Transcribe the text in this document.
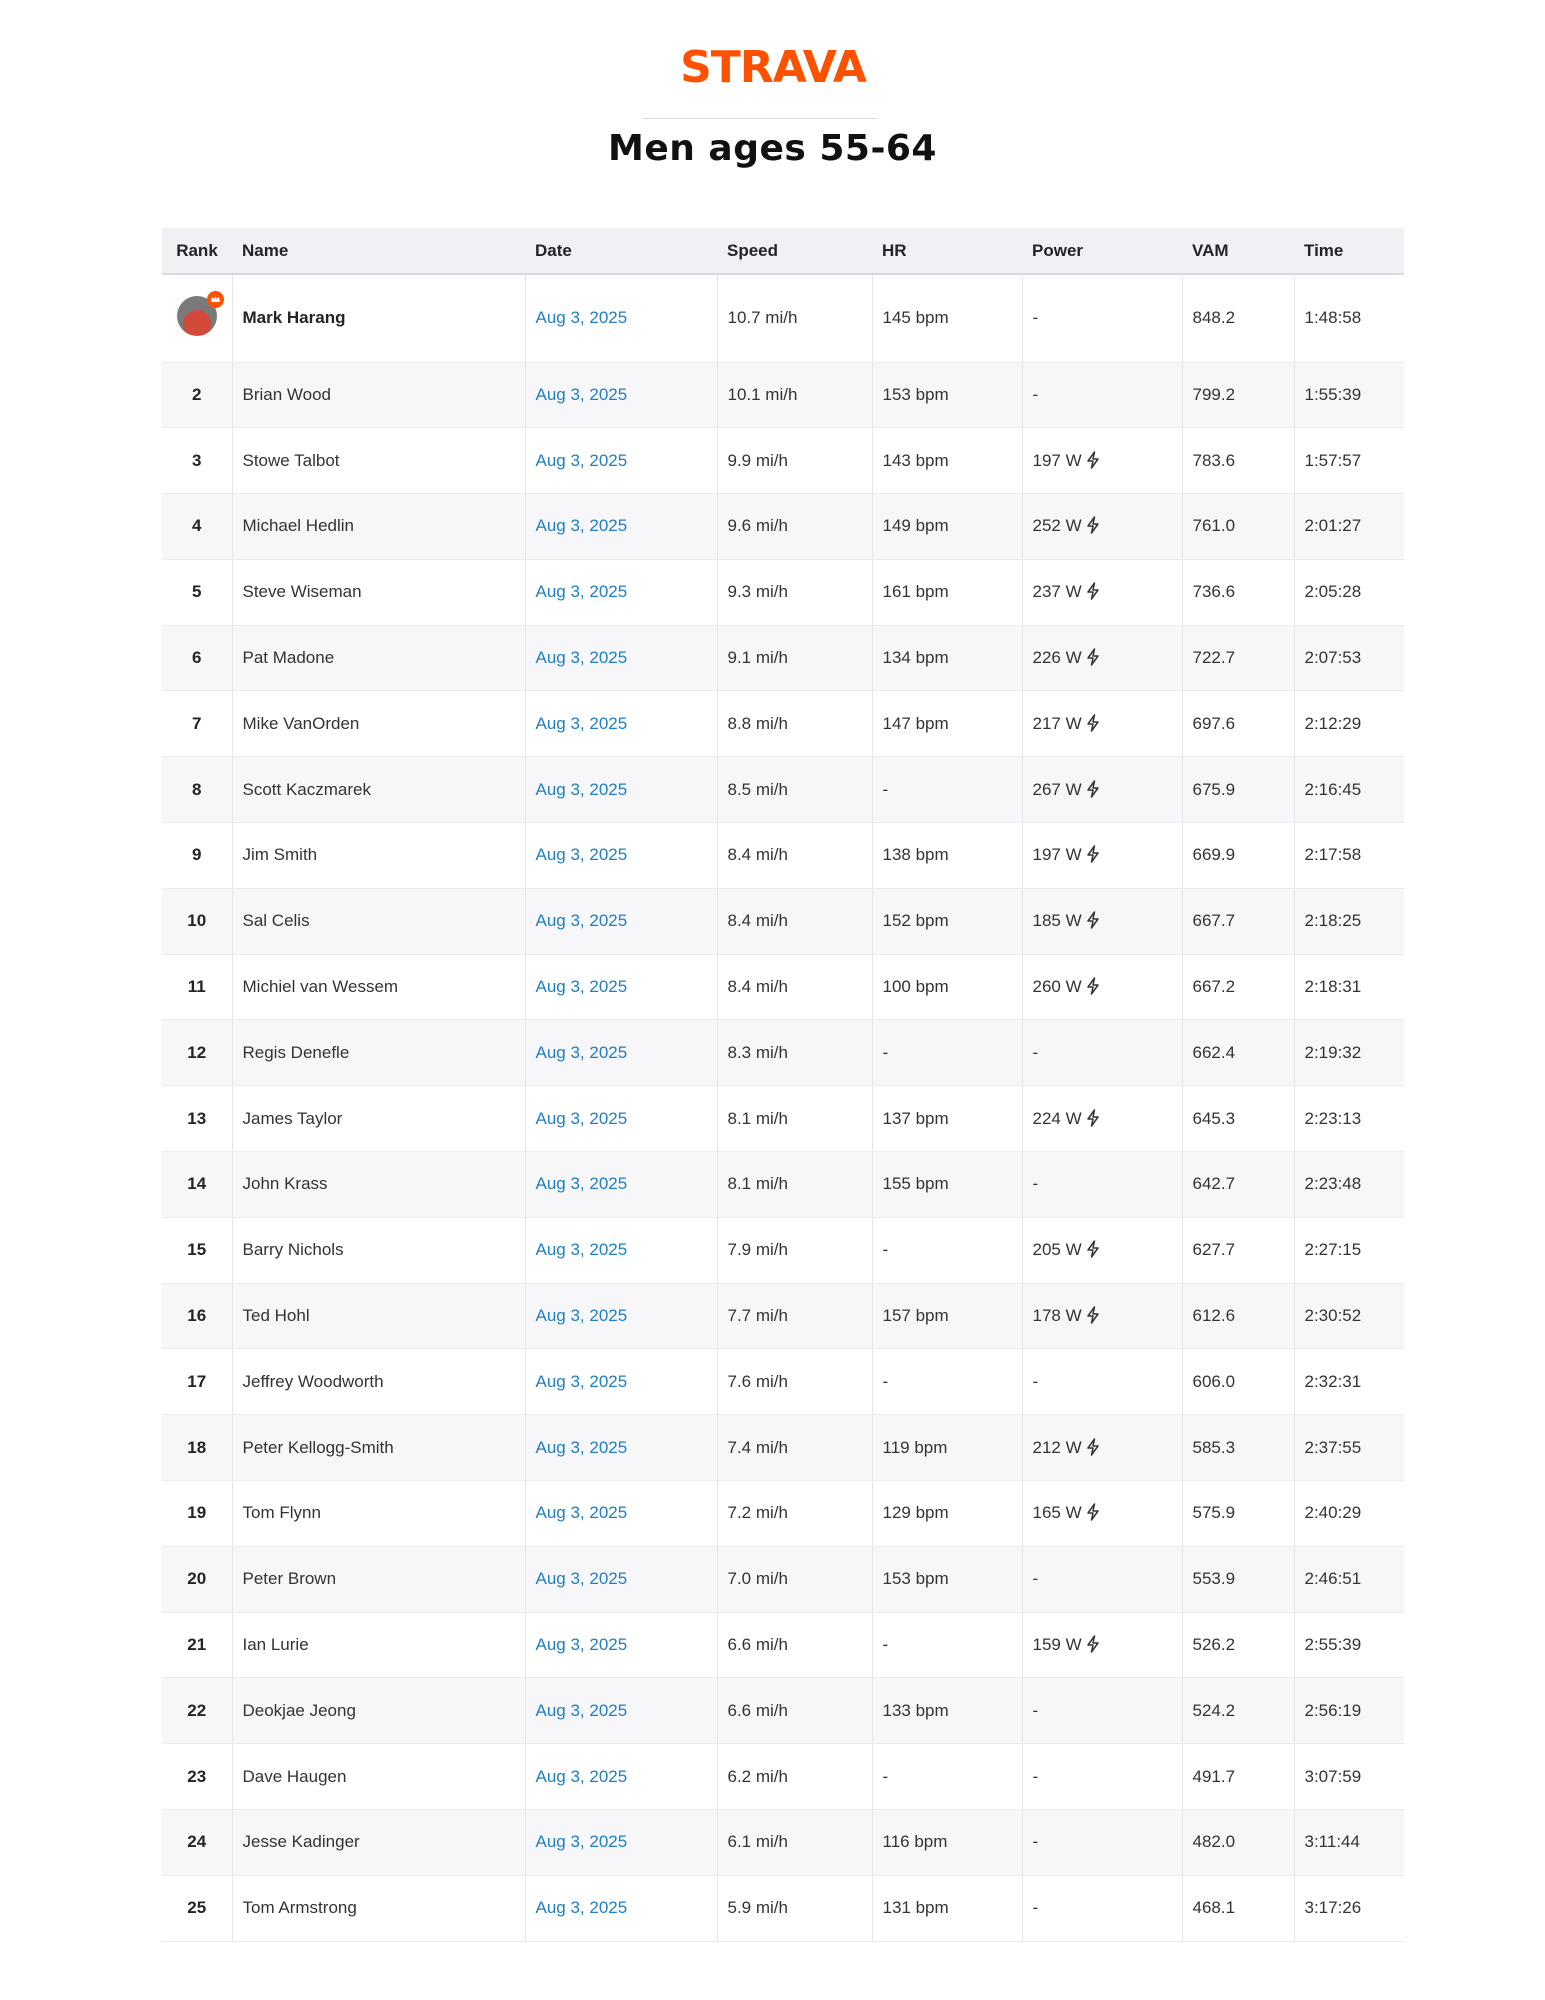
STRAVA
Men ages 55-64
Rank	Name	Date	Speed	HR	Power	VAM	Time

	Mark Harang	Aug 3, 2025	10.7 mi/h	145 bpm	-	848.2	1:48:58
2	Brian Wood	Aug 3, 2025	10.1 mi/h	153 bpm	-	799.2	1:55:39
3	Stowe Talbot	Aug 3, 2025	9.9 mi/h	143 bpm	197 W	783.6	1:57:57
4	Michael Hedlin	Aug 3, 2025	9.6 mi/h	149 bpm	252 W	761.0	2:01:27
5	Steve Wiseman	Aug 3, 2025	9.3 mi/h	161 bpm	237 W	736.6	2:05:28
6	Pat Madone	Aug 3, 2025	9.1 mi/h	134 bpm	226 W	722.7	2:07:53
7	Mike VanOrden	Aug 3, 2025	8.8 mi/h	147 bpm	217 W	697.6	2:12:29
8	Scott Kaczmarek	Aug 3, 2025	8.5 mi/h	-	267 W	675.9	2:16:45
9	Jim Smith	Aug 3, 2025	8.4 mi/h	138 bpm	197 W	669.9	2:17:58
10	Sal Celis	Aug 3, 2025	8.4 mi/h	152 bpm	185 W	667.7	2:18:25
11	Michiel van Wessem	Aug 3, 2025	8.4 mi/h	100 bpm	260 W	667.2	2:18:31
12	Regis Denefle	Aug 3, 2025	8.3 mi/h	-	-	662.4	2:19:32
13	James Taylor	Aug 3, 2025	8.1 mi/h	137 bpm	224 W	645.3	2:23:13
14	John Krass	Aug 3, 2025	8.1 mi/h	155 bpm	-	642.7	2:23:48
15	Barry Nichols	Aug 3, 2025	7.9 mi/h	-	205 W	627.7	2:27:15
16	Ted Hohl	Aug 3, 2025	7.7 mi/h	157 bpm	178 W	612.6	2:30:52
17	Jeffrey Woodworth	Aug 3, 2025	7.6 mi/h	-	-	606.0	2:32:31
18	Peter Kellogg-Smith	Aug 3, 2025	7.4 mi/h	119 bpm	212 W	585.3	2:37:55
19	Tom Flynn	Aug 3, 2025	7.2 mi/h	129 bpm	165 W	575.9	2:40:29
20	Peter Brown	Aug 3, 2025	7.0 mi/h	153 bpm	-	553.9	2:46:51
21	Ian Lurie	Aug 3, 2025	6.6 mi/h	-	159 W	526.2	2:55:39
22	Deokjae Jeong	Aug 3, 2025	6.6 mi/h	133 bpm	-	524.2	2:56:19
23	Dave Haugen	Aug 3, 2025	6.2 mi/h	-	-	491.7	3:07:59
24	Jesse Kadinger	Aug 3, 2025	6.1 mi/h	116 bpm	-	482.0	3:11:44
25	Tom Armstrong	Aug 3, 2025	5.9 mi/h	131 bpm	-	468.1	3:17:26
